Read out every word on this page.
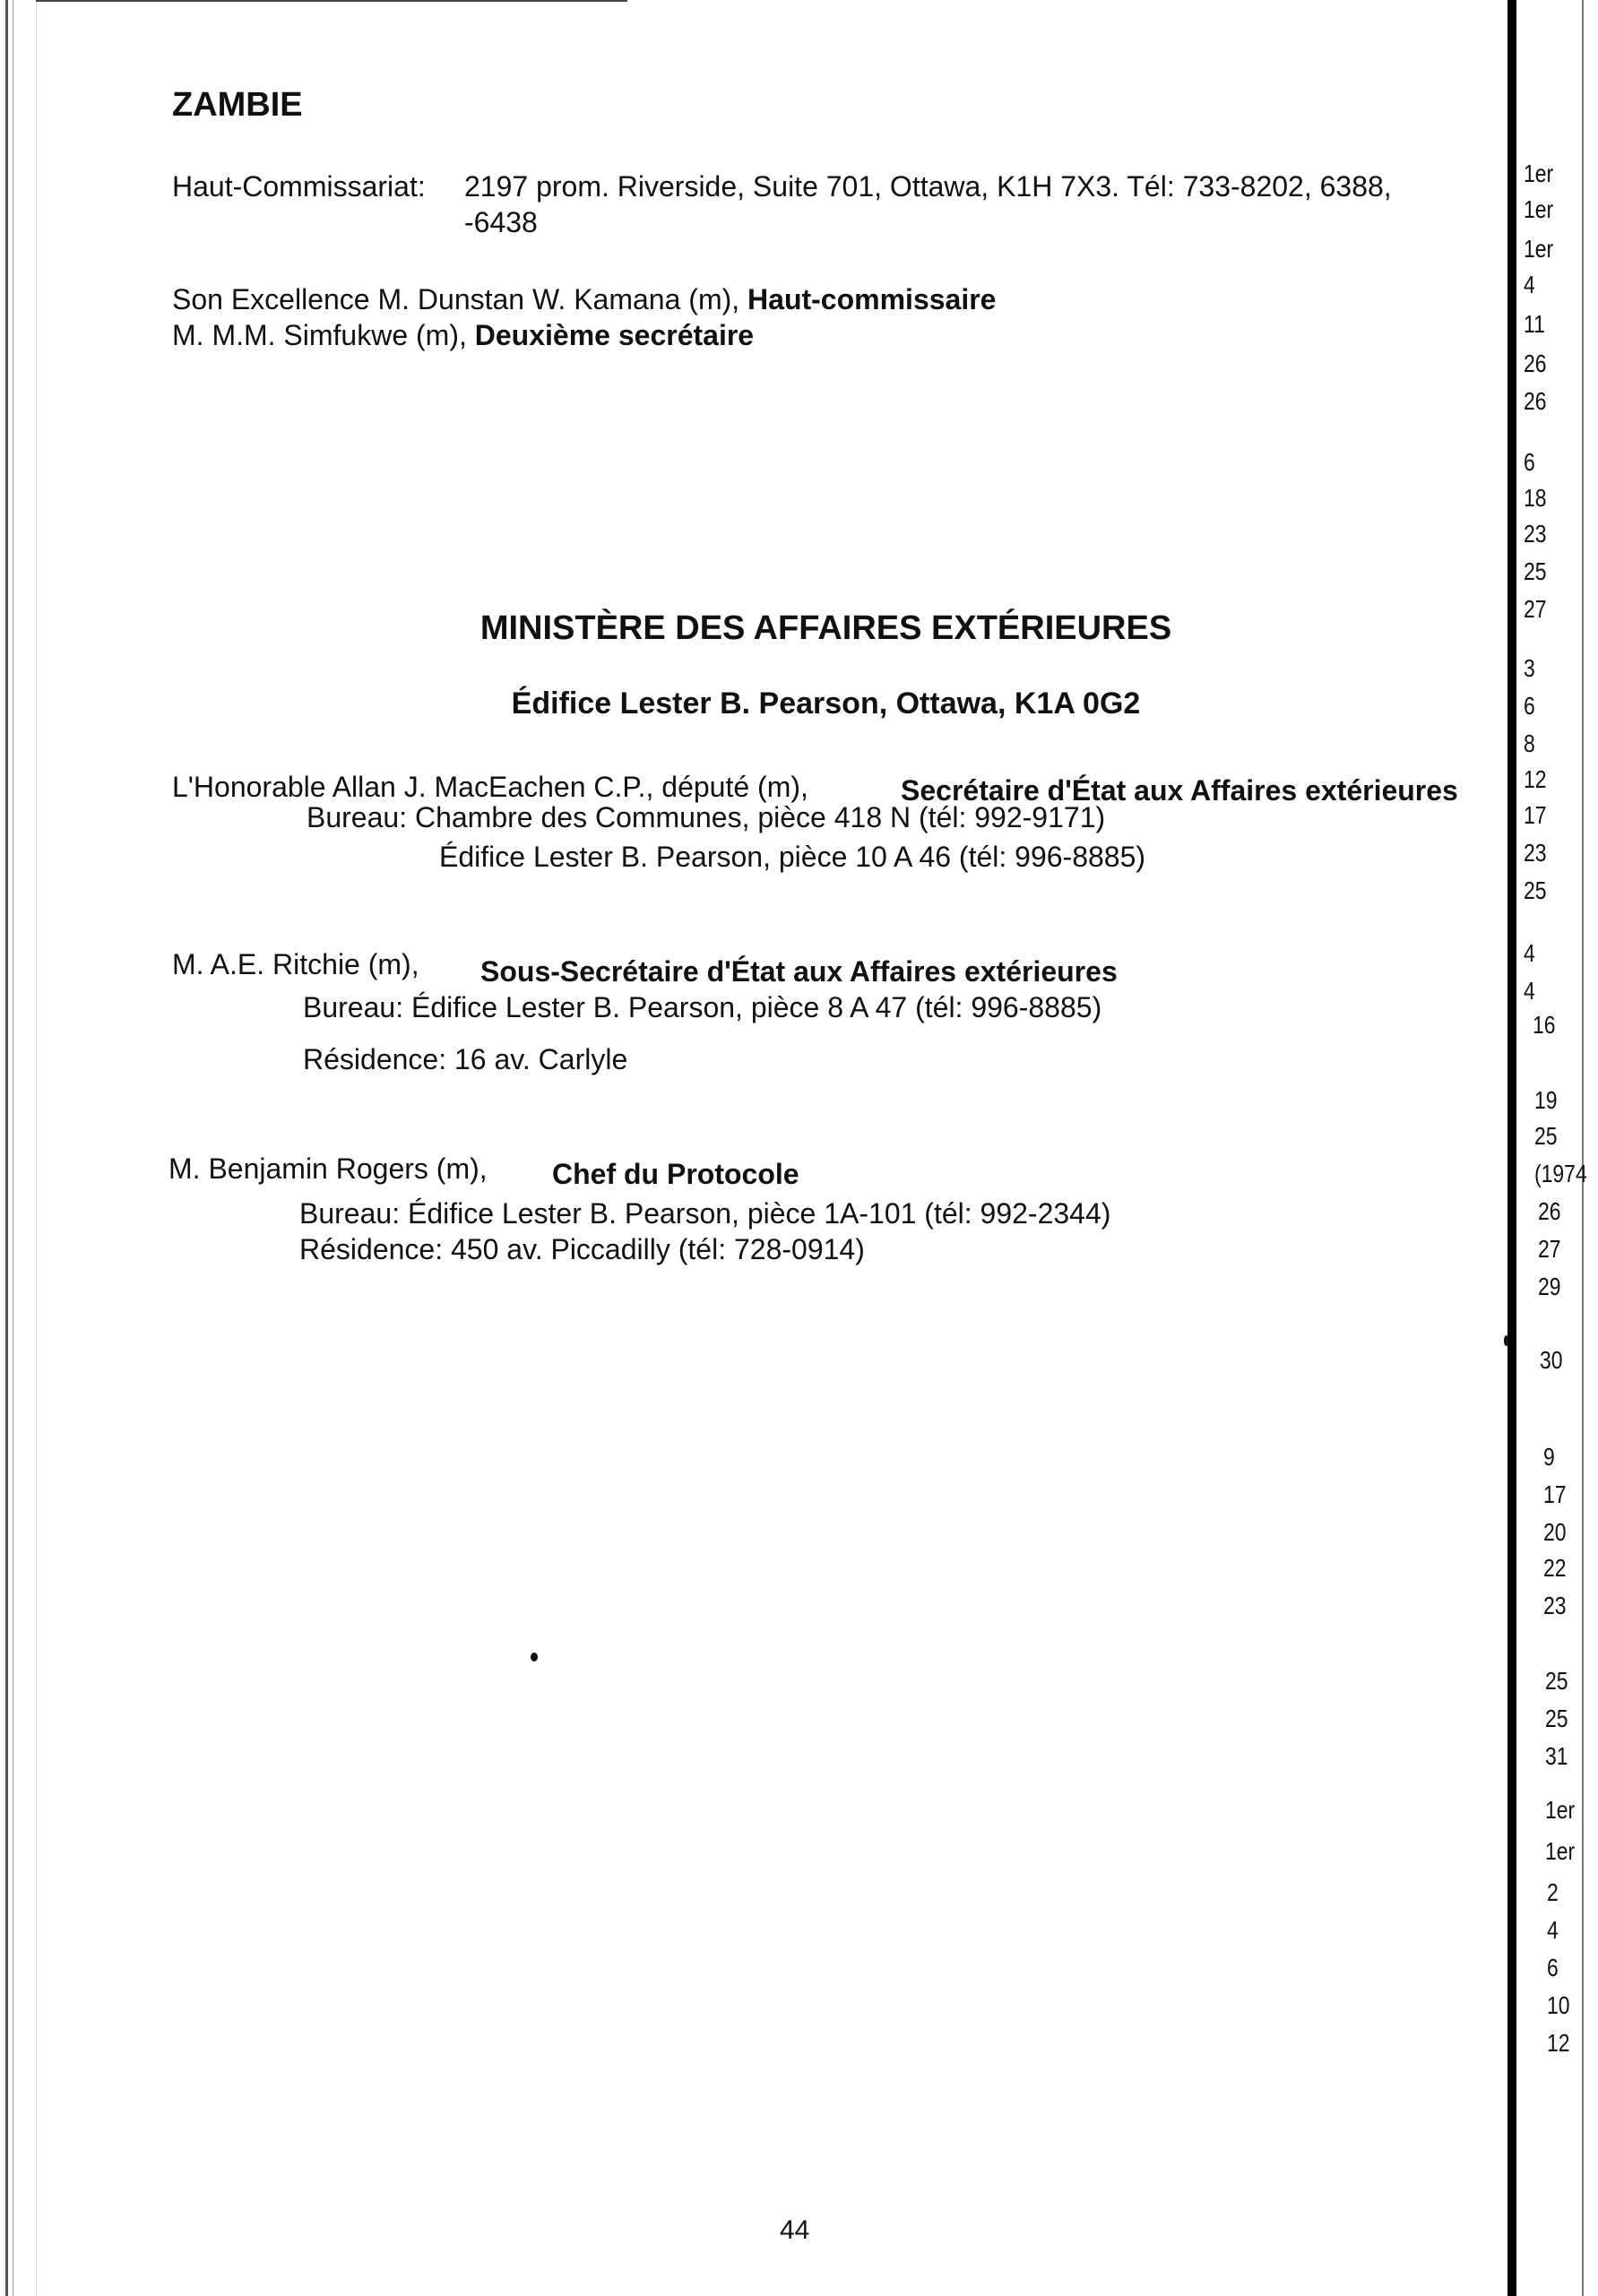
ZAMBIE
Haut-Commissariat: 2197 prom. Riverside, Suite 701, Ottawa, K1H 7X3. Tél: 733-8202, 6388,
-6438
Son Excellence M. Dunstan W. Kamana (m), Haut-commissaire
M. M.M. Simfukwe (m), Deuxième secrétaire
MINISTÈRE DES AFFAIRES EXTÉRIEURES
Édifice Lester B. Pearson, Ottawa, K1A 0G2
L'Honorable Allan J. MacEachen C.P., député (m),	Secrétaire d'État aux Affaires extérieures
Bureau: Chambre des Communes, pièce 418 N (tél: 992-9171)
Édifice Lester B. Pearson, pièce 10 A 46 (tél: 996-8885)
M. A.E. Ritchie (m), Sous-Secrétaire d'État aux Affaires extérieures
Bureau: Édifice Lester B. Pearson, pièce 8 A 47 (tél: 996-8885)
Résidence: 16 av. Carlyle
M. Benjamin Rogers (m), Chef du Protocole
Bureau: Édifice Lester B. Pearson, pièce 1A-101 (tél: 992-2344)
Résidence: 450 av. Piccadilly (tél: 728-0914)
44
1er
1er
1er
4
11
26
26
6
18
23
25
27
3
6
8
12
17
23
25
4
4
16
19
25
(1974
26
27
29
30
9
17
20
22
23
25
25
31
1er
1er
2
4
6
10
12
